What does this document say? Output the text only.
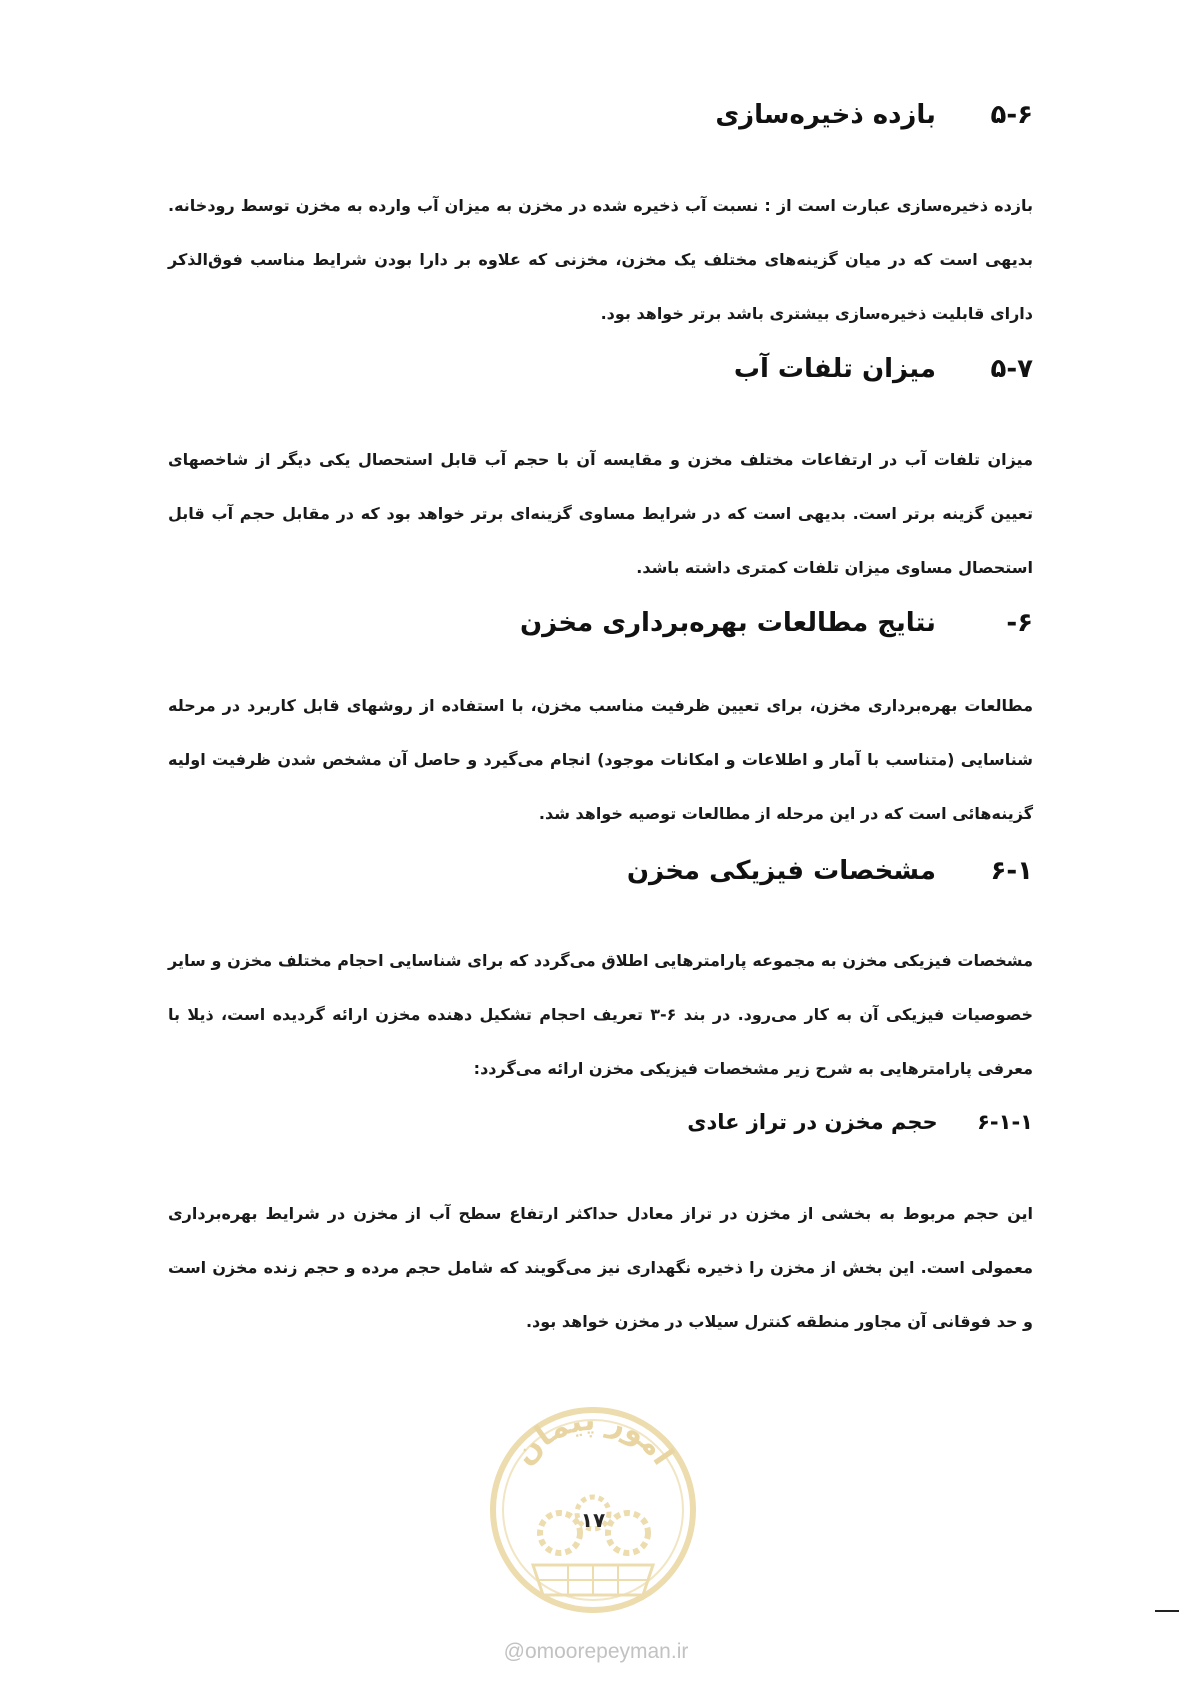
۵-۶ بازده ذخیره‌سازی
بازده ذخیره‌سازی عبارت است از : نسبت آب ذخیره شده در مخزن به میزان آب وارده به مخزن توسط رودخانه. بدیهی است که در میان گزینه‌های مختلف یک مخزن، مخزنی که علاوه بر دارا بودن شرایط مناسب فوق‌الذکر دارای قابلیت ذخیره‌سازی بیشتری باشد برتر خواهد بود.
۵-۷ میزان تلفات آب
میزان تلفات آب در ارتفاعات مختلف مخزن و مقایسه آن با حجم آب قابل استحصال یکی دیگر از شاخصهای تعیین گزینه برتر است. بدیهی است که در شرایط مساوی گزینه‌ای برتر خواهد بود که در مقابل حجم آب قابل استحصال مساوی میزان تلفات کمتری داشته باشد.
۶- نتایج مطالعات بهره‌برداری مخزن
مطالعات بهره‌برداری مخزن، برای تعیین ظرفیت مناسب مخزن، با استفاده از روشهای قابل کاربرد در مرحله شناسایی (متناسب با آمار و اطلاعات و امکانات موجود) انجام می‌گیرد و حاصل آن مشخص شدن ظرفیت اولیه گزینه‌هائی است که در این مرحله از مطالعات توصیه خواهد شد.
۶-۱ مشخصات فیزیکی مخزن
مشخصات فیزیکی مخزن به مجموعه پارامترهایی اطلاق می‌گردد که برای شناسایی احجام مختلف مخزن و سایر خصوصیات فیزیکی آن به کار می‌رود. در بند ۶-۳ تعریف احجام تشکیل دهنده مخزن ارائه گردیده است، ذیلا با معرفی پارامترهایی به شرح زیر مشخصات فیزیکی مخزن ارائه می‌گردد:
۶-۱-۱ حجم مخزن در تراز عادی
این حجم مربوط به بخشی از مخزن در تراز معادل حداکثر ارتفاع سطح آب از مخزن در شرایط بهره‌برداری معمولی است. این بخش از مخزن را ذخیره نگهداری نیز می‌گویند که شامل حجم مرده و حجم زنده مخزن است و حد فوقانی آن مجاور منطقه کنترل سیلاب در مخزن خواهد بود.
امور پیمان
۱۷
@omoorepeyman.ir
